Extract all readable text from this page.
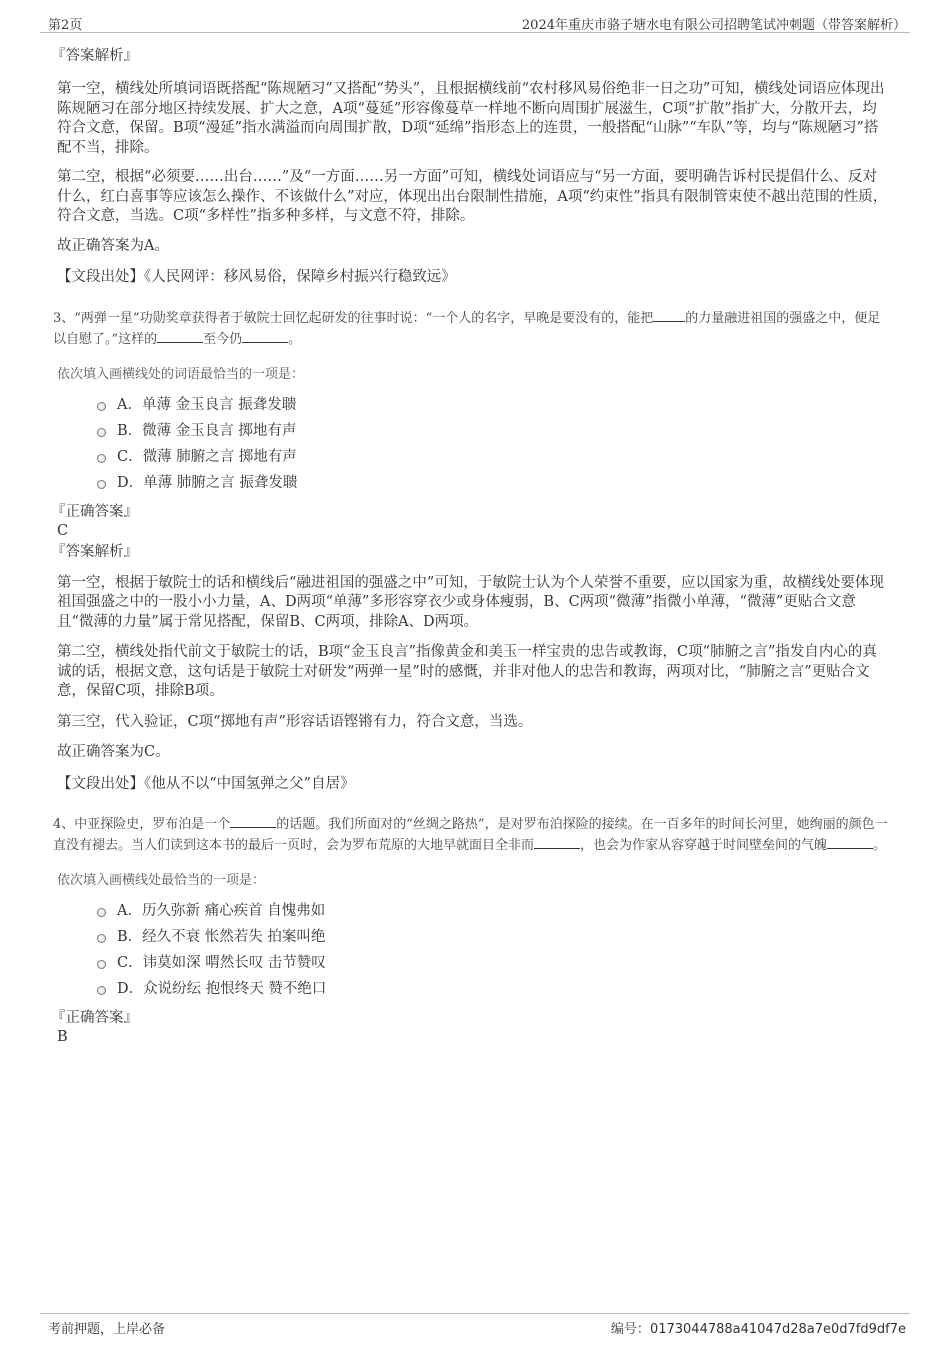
第2页	2024年重庆市骆子塘水电有限公司招聘笔试冲刺题（带答案解析）
『答案解析』

第一空，横线处所填词语既搭配“陈规陋习”又搭配“势头”，且根据横线前“农村移风易俗绝非一日之功”可知，横线处词语应体现出陈规陋习在部分地区持续发展、扩大之意，A项“蔓延”形容像蔓草一样地不断向周围扩展滋生，C项“扩散”指扩大，分散开去，均符合文意，保留。B项“漫延”指水满溢而向周围扩散，D项“延绵”指形态上的连贯，一般搭配“山脉”“车队”等，均与“陈规陋习”搭配不当，排除。

第二空，根据“必须要……出台……”及“一方面……另一方面”可知，横线处词语应与“另一方面，要明确告诉村民提倡什么、反对什么，红白喜事等应该怎么操作、不该做什么”对应，体现出出台限制性措施，A项“约束性”指具有限制管束使不越出范围的性质，符合文意，当选。C项“多样性”指多种多样，与文意不符，排除。

故正确答案为A。

【文段出处】《人民网评：移风易俗，保障乡村振兴行稳致远》

3、“两弹一星”功勋奖章获得者于敏院士回忆起研发的往事时说：“一个人的名字，早晚是要没有的，能把 的力量融进祖国的强盛之中，便足以自慰了。”这样的	至今仍	。

依次填入画横线处的词语最恰当的一项是：

A．单薄 金玉良言 振聋发聩
B．微薄 金玉良言 掷地有声
C．微薄 肺腑之言 掷地有声
D．单薄 肺腑之言 振聋发聩
『正确答案』
C
『答案解析』

第一空，根据于敏院士的话和横线后“融进祖国的强盛之中”可知，于敏院士认为个人荣誉不重要，应以国家为重，故横线处要体现祖国强盛之中的一股小小力量，A、D两项“单薄”多形容穿衣少或身体瘦弱，B、C两项“微薄”指微小单薄，“微薄”更贴合文意且“微薄的力量”属于常见搭配，保留B、C两项，排除A、D两项。

第二空，横线处指代前文于敏院士的话，B项“金玉良言”指像黄金和美玉一样宝贵的忠告或教诲，C项“肺腑之言”指发自内心的真诚的话，根据文意，这句话是于敏院士对研发“两弹一星”时的感慨，并非对他人的忠告和教诲，两项对比，“肺腑之言”更贴合文意，保留C项，排除B项。

第三空，代入验证，C项“掷地有声”形容话语铿锵有力，符合文意，当选。

故正确答案为C。

【文段出处】《他从不以“中国氢弹之父”自居》

4、中亚探险史，罗布泊是一个	的话题。我们所面对的“丝绸之路热”，是对罗布泊探险的接续。在一百多年的时间长河里，她绚丽的颜色一直没有褪去。当人们读到这本书的最后一页时，会为罗布荒原的大地早就面目全非而	，也会为作家从容穿越于时间壁垒间的气魄	。

依次填入画横线处最恰当的一项是：

A．历久弥新 痛心疾首 自愧弗如
B．经久不衰 怅然若失 拍案叫绝
C．讳莫如深 喟然长叹 击节赞叹
D．众说纷纭 抱恨终天 赞不绝口
『正确答案』
B
考前押题，上岸必备	编号：0173044788a41047d28a7e0d7fd9df7e
